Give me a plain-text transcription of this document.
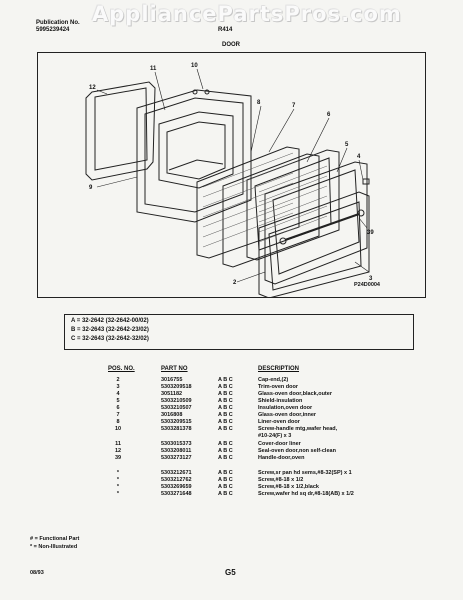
AppliancePartsPros.com
Publication No.
5995239424	R414
DOOR
12
11	10
9
8	7
6
5
4
3
2
39
P24D0004
A = 32-2642 (32-2642-00/02)
B = 32-2643 (32-2642-23/02)
C = 32-2643 (32-2642-32/02)
POS. NO.	PART NO	DESCRIPTION
2	3016755	A B C	Cap-end,(2)
3	5303209518	A B C	Trim-oven door
4	3051182	A B C	Glass-oven door,black,outer
5	5303210509	A B C	Shield-insulation
6	5303210507	A B C	Insulation,oven door
7	3016808	A B C	Glass-oven door,inner
8	5303209515	A B C	Liner-oven door
10	5303281378	A B C	Screw-handle mtg,wafer head,
#10-24(F) x 3
11	5303015373	A B C	Cover-door liner
12	5303208011	A B C	Seal-oven door,non self-clean
39	5303273127	A B C	Handle-door,oven
*	5303212671	A B C	Screw,sr pan hd sems,#8-32(SP) x 1
*	5303212762	A B C	Screw,#8-18 x 1/2
*	5303269659	A B C	Screw,#8-18 x 1/2,black
*	5303271648	A B C	Screw,wafer hd sq dr,#8-18(AB) x 1/2
# = Functional Part
* = Non-Illustrated
08/93	G5
